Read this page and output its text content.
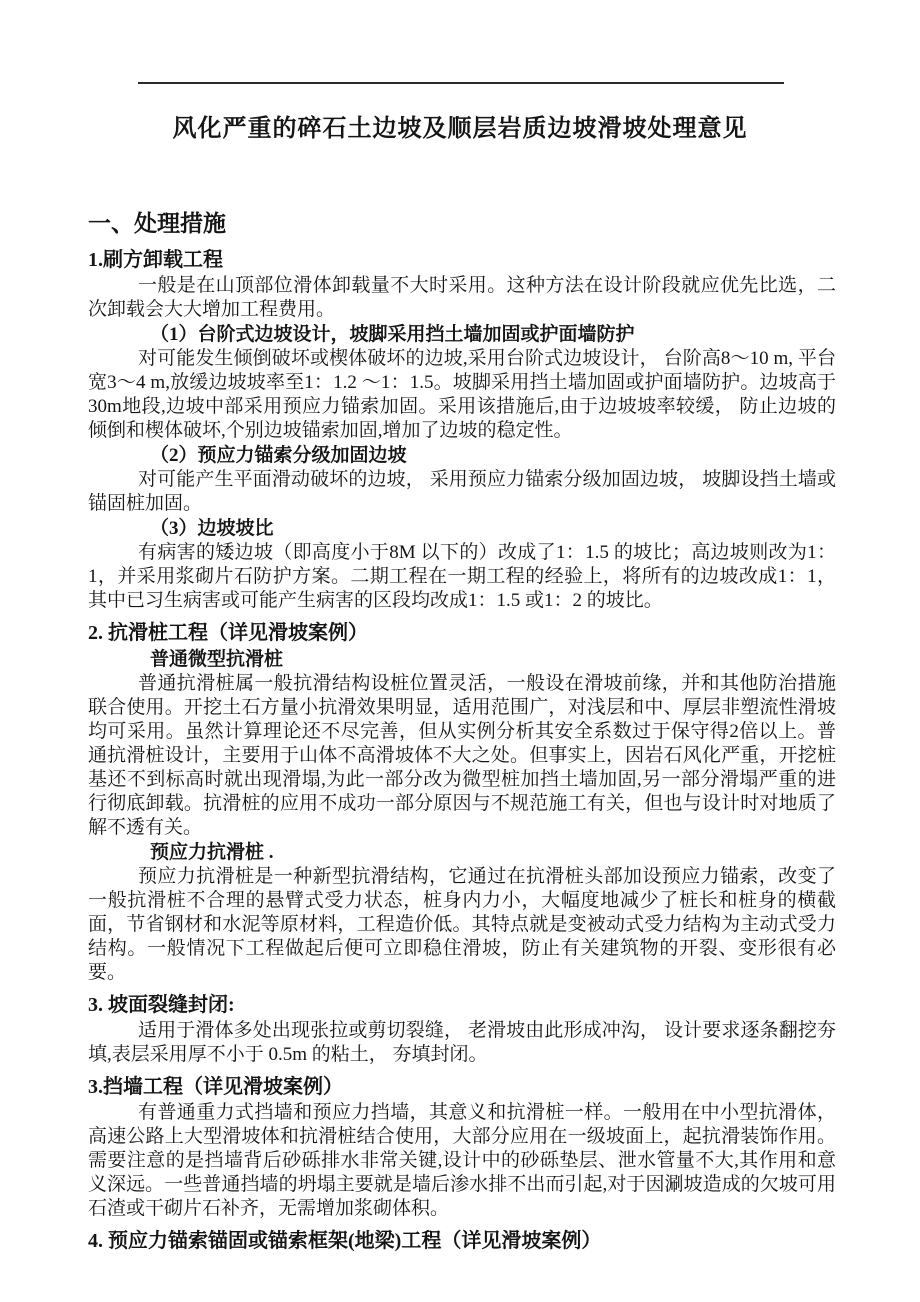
风化严重的碎石土边坡及顺层岩质边坡滑坡处理意见
一、处理措施
1.刷方卸载工程
一般是在山顶部位滑体卸载量不大时采用。这种方法在设计阶段就应优先比选，二次卸载会大大增加工程费用。
（1）台阶式边坡设计，坡脚采用挡土墙加固或护面墙防护
对可能发生倾倒破坏或楔体破坏的边坡,采用台阶式边坡设计， 台阶高8～10 m, 平台宽3～4 m,放缓边坡坡率至1：1.2 ～1：1.5。坡脚采用挡土墙加固或护面墙防护。边坡高于30m地段,边坡中部采用预应力锚索加固。采用该措施后,由于边坡坡率较缓， 防止边坡的倾倒和楔体破坏,个别边坡锚索加固,增加了边坡的稳定性。
（2）预应力锚索分级加固边坡
对可能产生平面滑动破坏的边坡， 采用预应力锚索分级加固边坡， 坡脚设挡土墙或锚固桩加固。
（3）边坡坡比
有病害的矮边坡（即高度小于8M 以下的）改成了1：1.5 的坡比；高边坡则改为1：1，并采用浆砌片石防护方案。二期工程在一期工程的经验上，将所有的边坡改成1：1，其中已习生病害或可能产生病害的区段均改成1：1.5 或1：2 的坡比。
2. 抗滑桩工程（详见滑坡案例）
普通微型抗滑桩
普通抗滑桩属一般抗滑结构设桩位置灵活，一般设在滑坡前缘，并和其他防治措施联合使用。开挖土石方量小抗滑效果明显，适用范围广，对浅层和中、厚层非塑流性滑坡均可采用。虽然计算理论还不尽完善，但从实例分析其安全系数过于保守得2倍以上。普通抗滑桩设计，主要用于山体不高滑坡体不大之处。但事实上，因岩石风化严重，开挖桩基还不到标高时就出现滑塌,为此一部分改为微型桩加挡土墙加固,另一部分滑塌严重的进行彻底卸载。抗滑桩的应用不成功一部分原因与不规范施工有关，但也与设计时对地质了解不透有关。
预应力抗滑桩 .
预应力抗滑桩是一种新型抗滑结构，它通过在抗滑桩头部加设预应力锚索，改变了一般抗滑桩不合理的悬臂式受力状态，桩身内力小，大幅度地减少了桩长和桩身的横截面，节省钢材和水泥等原材料，工程造价低。其特点就是变被动式受力结构为主动式受力结构。一般情况下工程做起后便可立即稳住滑坡，防止有关建筑物的开裂、变形很有必要。
3. 坡面裂缝封闭:
适用于滑体多处出现张拉或剪切裂缝， 老滑坡由此形成冲沟， 设计要求逐条翻挖夯填,表层采用厚不小于 0.5m 的粘土， 夯填封闭。
3.挡墙工程（详见滑坡案例）
有普通重力式挡墙和预应力挡墙，其意义和抗滑桩一样。一般用在中小型抗滑体，高速公路上大型滑坡体和抗滑桩结合使用，大部分应用在一级坡面上，起抗滑装饰作用。需要注意的是挡墙背后砂砾排水非常关键,设计中的砂砾垫层、泄水管量不大,其作用和意义深远。一些普通挡墙的坍塌主要就是墙后渗水排不出而引起,对于因涮坡造成的欠坡可用石渣或干砌片石补齐，无需增加浆砌体积。
4. 预应力锚索锚固或锚索框架(地梁)工程（详见滑坡案例）
